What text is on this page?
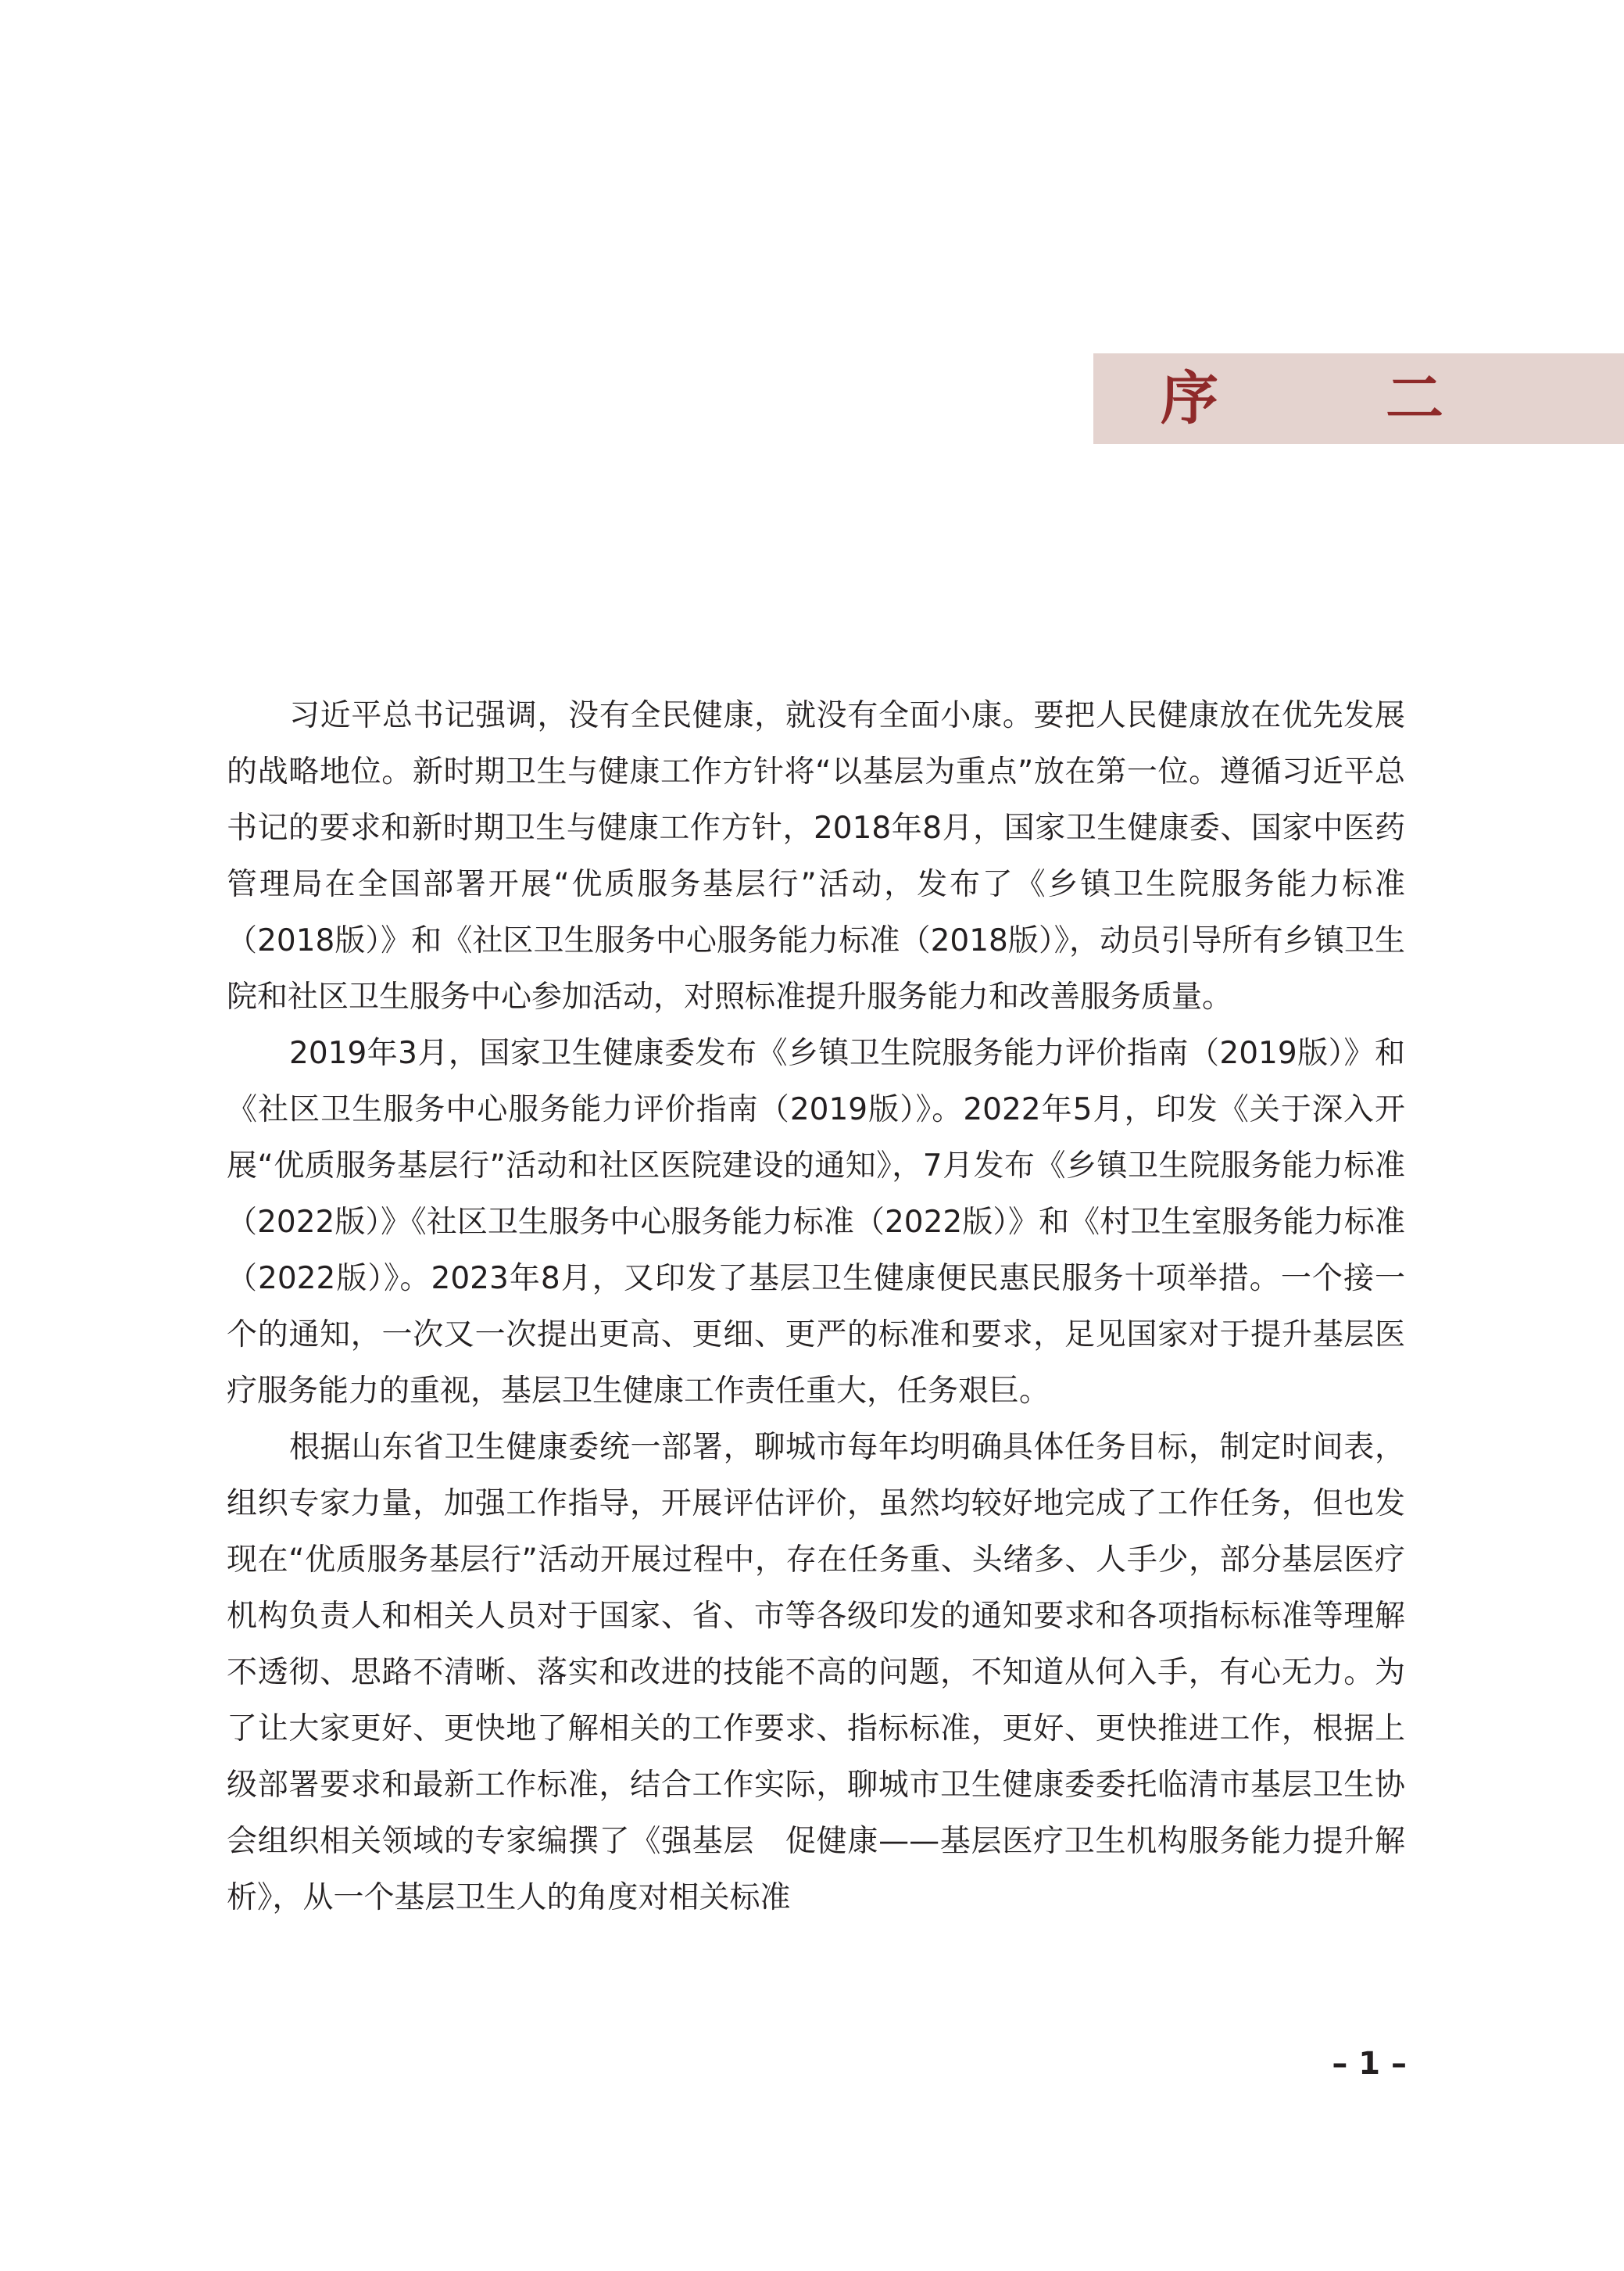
序　二

习近平总书记强调，没有全民健康，就没有全面小康。要把人民健康放在优先发展的战略地位。新时期卫生与健康工作方针将“以基层为重点”放在第一位。遵循习近平总书记的要求和新时期卫生与健康工作方针，2018年8月，国家卫生健康委、国家中医药管理局在全国部署开展“优质服务基层行”活动，发布了《乡镇卫生院服务能力标准（2018版）》和《社区卫生服务中心服务能力标准（2018版）》，动员引导所有乡镇卫生院和社区卫生服务中心参加活动，对照标准提升服务能力和改善服务质量。

2019年3月，国家卫生健康委发布《乡镇卫生院服务能力评价指南（2019版）》和《社区卫生服务中心服务能力评价指南（2019版）》。2022年5月，印发《关于深入开展“优质服务基层行”活动和社区医院建设的通知》，7月发布《乡镇卫生院服务能力标准（2022版）》《社区卫生服务中心服务能力标准（2022版）》和《村卫生室服务能力标准（2022版）》。2023年8月，又印发了基层卫生健康便民惠民服务十项举措。一个接一个的通知，一次又一次提出更高、更细、更严的标准和要求，足见国家对于提升基层医疗服务能力的重视，基层卫生健康工作责任重大，任务艰巨。

根据山东省卫生健康委统一部署，聊城市每年均明确具体任务目标，制定时间表，组织专家力量，加强工作指导，开展评估评价，虽然均较好地完成了工作任务，但也发现在“优质服务基层行”活动开展过程中，存在任务重、头绪多、人手少，部分基层医疗机构负责人和相关人员对于国家、省、市等各级印发的通知要求和各项指标标准等理解不透彻、思路不清晰、落实和改进的技能不高的问题，不知道从何入手，有心无力。为了让大家更好、更快地了解相关的工作要求、指标标准，更好、更快推进工作，根据上级部署要求和最新工作标准，结合工作实际，聊城市卫生健康委委托临清市基层卫生协会组织相关领域的专家编撰了《强基层　促健康——基层医疗卫生机构服务能力提升解析》，从一个基层卫生人的角度对相关标准

– 1 –
